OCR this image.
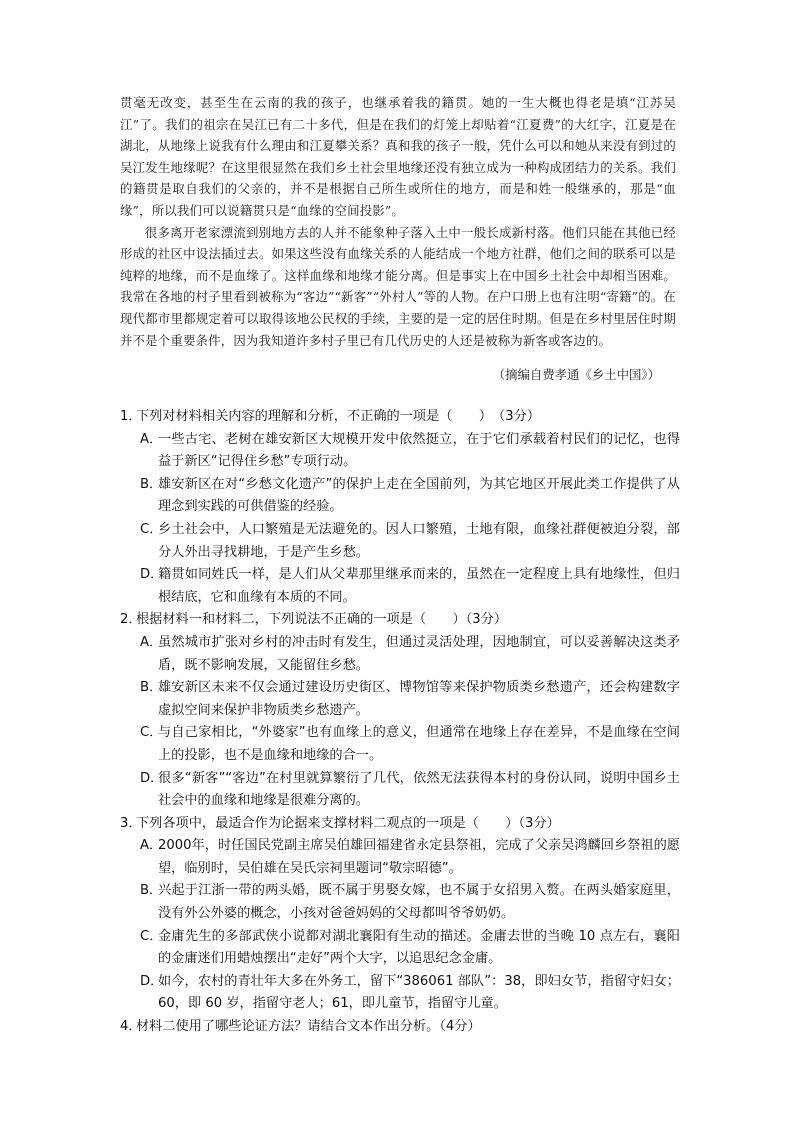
贯毫无改变，甚至生在云南的我的孩子，也继承着我的籍贯。她的一生大概也得老是填“江苏吴江”了。我们的祖宗在吴江已有二十多代，但是在我们的灯笼上却贴着“江夏费”的大红字，江夏是在湖北，从地缘上说我有什么理由和江夏攀关系？真和我的孩子一般，凭什么可以和她从来没有到过的吴江发生地缘呢？在这里很显然在我们乡土社会里地缘还没有独立成为一种构成团结力的关系。我们的籍贯是取自我们的父亲的，并不是根据自己所生或所住的地方，而是和姓一般继承的，那是“血缘”，所以我们可以说籍贯只是“血缘的空间投影”。

很多离开老家漂流到别地方去的人并不能象种子落入土中一般长成新村落。他们只能在其他已经形成的社区中设法插过去。如果这些没有血缘关系的人能结成一个地方社群，他们之间的联系可以是纯粹的地缘，而不是血缘了。这样血缘和地缘才能分离。但是事实上在中国乡土社会中却相当困难。我常在各地的村子里看到被称为“客边”“新客”“外村人”等的人物。在户口册上也有注明“寄籍”的。在现代都市里都规定着可以取得该地公民权的手续，主要的是一定的居住时期。但是在乡村里居住时期并不是个重要条件，因为我知道许多村子里已有几代历史的人还是被称为新客或客边的。

（摘编自费孝通《乡土中国》）
1．
下列对材料相关内容的理解和分析，不正确的一项是（　　）　（3分）
A．
一些古宅、老树在雄安新区大规模开发中依然挺立，在于它们承载着村民们的记忆，也得益于新区“记得住乡愁”专项行动。
B．
雄安新区在对“乡愁文化遗产”的保护上走在全国前列，为其它地区开展此类工作提供了从理念到实践的可供借鉴的经验。
C．
乡土社会中，人口繁殖是无法避免的。因人口繁殖，土地有限，血缘社群便被迫分裂，部分人外出寻找耕地，于是产生乡愁。
D．
籍贯如同姓氏一样，是人们从父辈那里继承而来的，虽然在一定程度上具有地缘性，但归根结底，它和血缘有本质的不同。
2．
根据材料一和材料二，下列说法不正确的一项是（　　）（3分）
A．
虽然城市扩张对乡村的冲击时有发生，但通过灵活处理，因地制宜，可以妥善解决这类矛盾，既不影响发展，又能留住乡愁。
B．
雄安新区未来不仅会通过建设历史街区、博物馆等来保护物质类乡愁遗产，还会构建数字虚拟空间来保护非物质类乡愁遗产。
C．
与自己家相比，“外婆家”也有血缘上的意义，但通常在地缘上存在差异，不是血缘在空间上的投影，也不是血缘和地缘的合一。
D．
很多“新客”“客边”在村里就算繁衍了几代，依然无法获得本村的身份认同，说明中国乡土社会中的血缘和地缘是很难分离的。
3．
下列各项中，最适合作为论据来支撑材料二观点的一项是（　　）（3分）
A．
2000年，时任国民党副主席吴伯雄回福建省永定县祭祖，完成了父亲吴鸿麟回乡祭祖的愿望，临别时，吴伯雄在吴氏宗祠里题词“敬宗昭德”。
B．
兴起于江浙一带的两头婚，既不属于男娶女嫁，也不属于女招男入赘。在两头婚家庭里，没有外公外婆的概念，小孩对爸爸妈妈的父母都叫爷爷奶奶。
C．
金庸先生的多部武侠小说都对湖北襄阳有生动的描述。金庸去世的当晚 10 点左右，襄阳的金庸迷们用蜡烛摆出“走好”两个大字，以追思纪念金庸。
D．
如今，农村的青壮年大多在外务工，留下“386061 部队”：38，即妇女节，指留守妇女；60，即 60 岁，指留守老人；61，即儿童节，指留守儿童。
4．
材料二使用了哪些论证方法？请结合文本作出分析。（4分）
